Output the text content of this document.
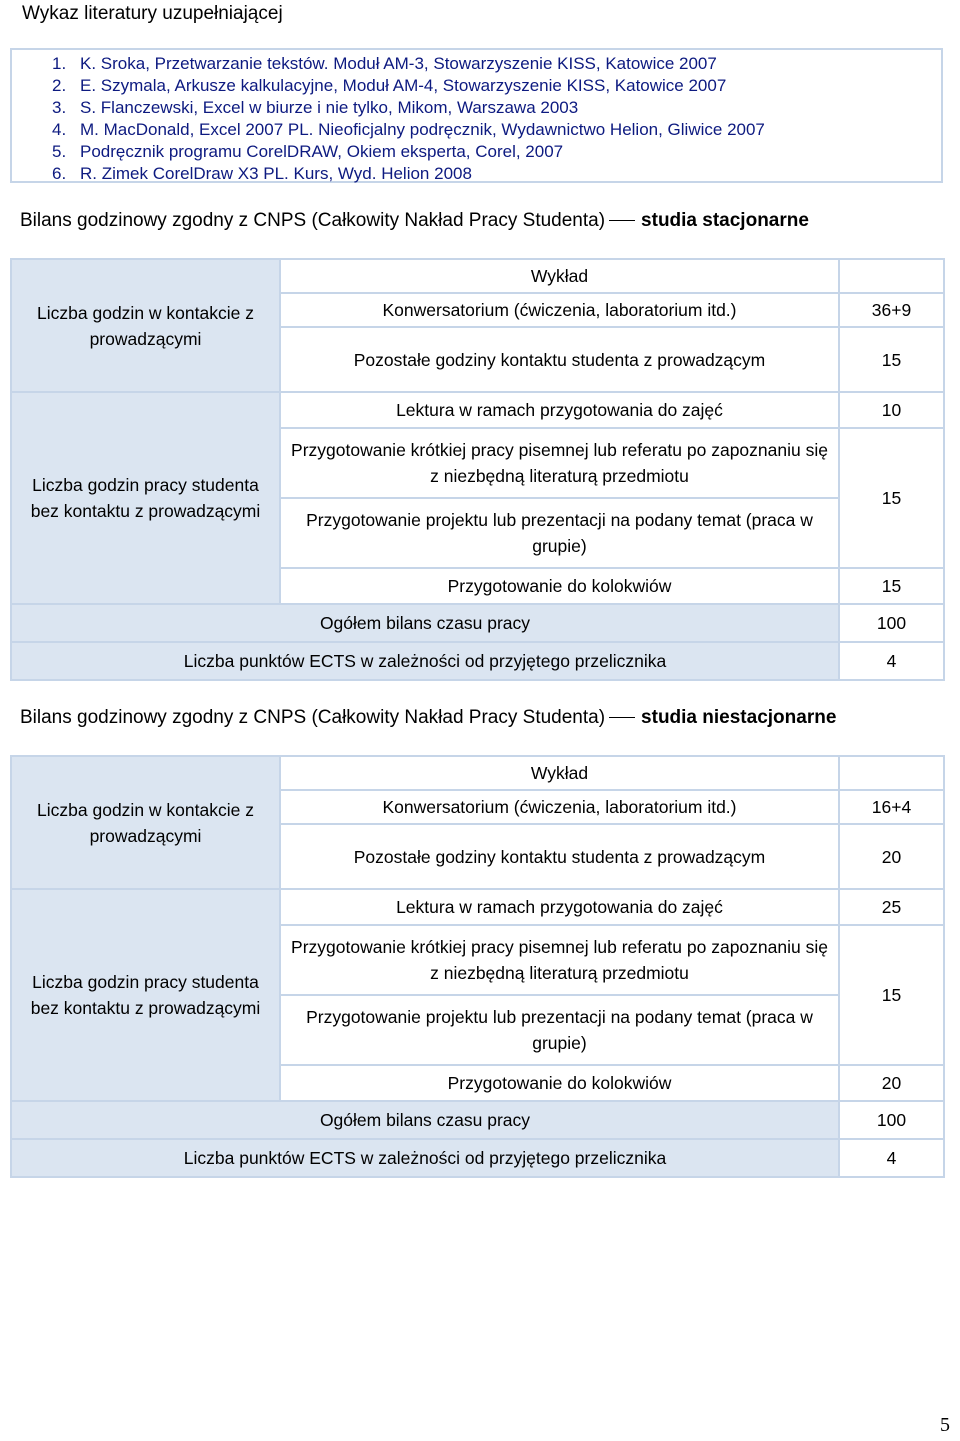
Wykaz literatury uzupełniającej
1. K. Sroka, Przetwarzanie tekstów. Moduł AM-3, Stowarzyszenie KISS, Katowice 2007
2. E. Szymala, Arkusze kalkulacyjne, Moduł AM-4, Stowarzyszenie KISS, Katowice 2007
3. S. Flanczewski, Excel w biurze i nie tylko, Mikom, Warszawa 2003
4. M. MacDonald, Excel 2007 PL. Nieoficjalny podręcznik, Wydawnictwo Helion, Gliwice 2007
5. Podręcznik programu CorelDRAW, Okiem eksperta, Corel, 2007
6. R. Zimek CorelDraw X3 PL. Kurs, Wyd. Helion 2008
Bilans godzinowy zgodny z CNPS (Całkowity Nakład Pracy Studenta) studia stacjonarne
Liczba godzin w kontakcie z prowadzącymi	Wykład	
	Konwersatorium (ćwiczenia, laboratorium itd.)	36+9
	Pozostałe godziny kontaktu studenta z prowadzącym	15
Liczba godzin pracy studenta bez kontaktu z prowadzącymi	Lektura w ramach przygotowania do zajęć	10
	Przygotowanie krótkiej pracy pisemnej lub referatu po zapoznaniu się z niezbędną literaturą przedmiotu	15
	Przygotowanie projektu lub prezentacji na podany temat (praca w grupie)	
	Przygotowanie do kolokwiów	15
Ogółem bilans czasu pracy		100
Liczba punktów ECTS w zależności od przyjętego przelicznika		4
Bilans godzinowy zgodny z CNPS (Całkowity Nakład Pracy Studenta) studia niestacjonarne
Liczba godzin w kontakcie z prowadzącymi	Wykład	
	Konwersatorium (ćwiczenia, laboratorium itd.)	16+4
	Pozostałe godziny kontaktu studenta z prowadzącym	20
Liczba godzin pracy studenta bez kontaktu z prowadzącymi	Lektura w ramach przygotowania do zajęć	25
	Przygotowanie krótkiej pracy pisemnej lub referatu po zapoznaniu się z niezbędną literaturą przedmiotu	15
	Przygotowanie projektu lub prezentacji na podany temat (praca w grupie)	
	Przygotowanie do kolokwiów	20
Ogółem bilans czasu pracy		100
Liczba punktów ECTS w zależności od przyjętego przelicznika		4
5
